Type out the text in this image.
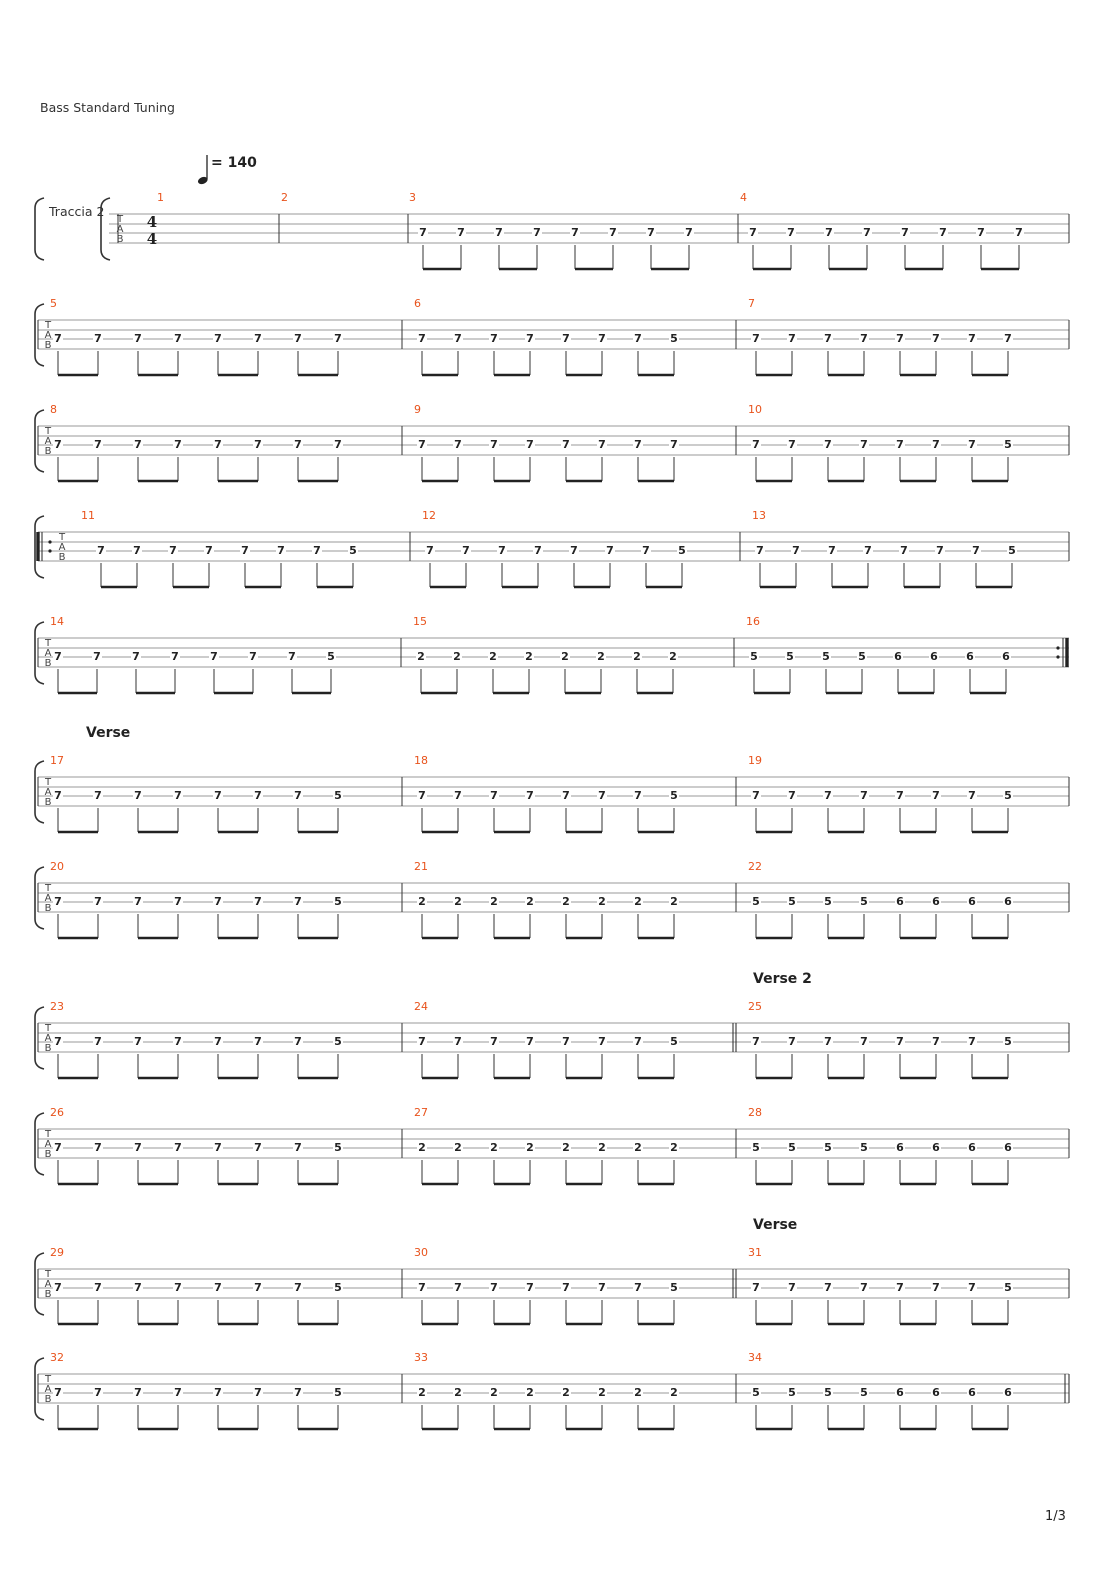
Bass Standard Tuning
= 140
Traccia 2
T
A
B
4
4
1	2	3
7	7	7	7	7	7	7	7
4
7	7	7	7	7	7	7	7
T
A
B
5
7	7	7	7	7	7	7	7
6
7	7	7	7	7	7	7	5
7
7	7	7	7	7	7	7	7
T
A
B
8
7	7	7	7	7	7	7	7
9
7	7	7	7	7	7	7	7
10
7	7	7	7	7	7	7	5
T
A
B
11
7	7	7	7	7	7	7	5
12
7	7	7	7	7	7	7	5
13
7	7	7	7	7	7	7	5
T
A
B
14
7	7	7	7	7	7	7	5
15
2	2	2	2	2	2	2	2
16
5	5	5	5	6	6	6	6
T
A
B
Verse
17
7	7	7	7	7	7	7	5
18
7	7	7	7	7	7	7	5
19
7	7	7	7	7	7	7	5
T
A
B
20
7	7	7	7	7	7	7	5
21
2	2	2	2	2	2	2	2
22
5	5	5	5	6	6	6	6
T
A
B
Verse 2
23
7	7	7	7	7	7	7	5
24
7	7	7	7	7	7	7	5
25
7	7	7	7	7	7	7	5
T
A
B
26
7	7	7	7	7	7	7	5
27
2	2	2	2	2	2	2	2
28
5	5	5	5	6	6	6	6
T
A
B
Verse
29
7	7	7	7	7	7	7	5
30
7	7	7	7	7	7	7	5
31
7	7	7	7	7	7	7	5
T
A
B
32
7	7	7	7	7	7	7	5
33
2	2	2	2	2	2	2	2
34
5	5	5	5	6	6	6	6
1/3
